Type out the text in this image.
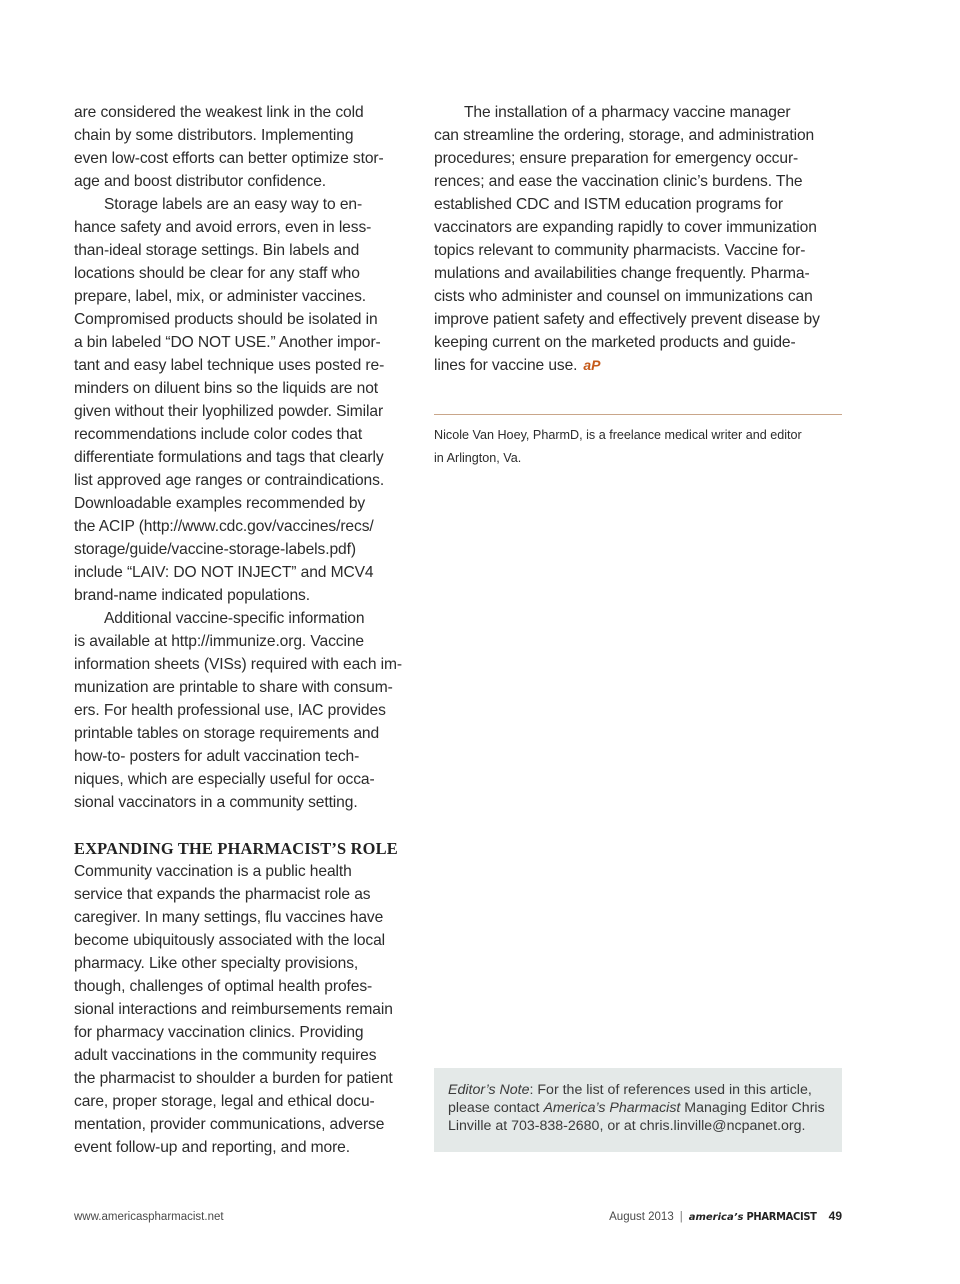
are considered the weakest link in the cold
chain by some distributors. Implementing
even low-cost efforts can better optimize stor-
age and boost distributor confidence.
Storage labels are an easy way to en-
hance safety and avoid errors, even in less-
than-ideal storage settings. Bin labels and
locations should be clear for any staff who
prepare, label, mix, or administer vaccines.
Compromised products should be isolated in
a bin labeled “DO NOT USE.” Another impor-
tant and easy label technique uses posted re-
minders on diluent bins so the liquids are not
given without their lyophilized powder. Similar
recommendations include color codes that
differentiate formulations and tags that clearly
list approved age ranges or contraindications.
Downloadable examples recommended by
the ACIP (http://www.cdc.gov/vaccines/recs/
storage/guide/vaccine-storage-labels.pdf)
include “LAIV: DO NOT INJECT” and MCV4
brand-name indicated populations.
Additional vaccine-specific information
is available at http://immunize.org. Vaccine
information sheets (VISs) required with each im-
munization are printable to share with consum-
ers. For health professional use, IAC provides
printable tables on storage requirements and
how-to- posters for adult vaccination tech-
niques, which are especially useful for occa-
sional vaccinators in a community setting.
EXPANDING THE PHARMACIST’S ROLE
Community vaccination is a public health
service that expands the pharmacist role as
caregiver. In many settings, flu vaccines have
become ubiquitously associated with the local
pharmacy. Like other specialty provisions,
though, challenges of optimal health profes-
sional interactions and reimbursements remain
for pharmacy vaccination clinics. Providing
adult vaccinations in the community requires
the pharmacist to shoulder a burden for patient
care, proper storage, legal and ethical docu-
mentation, provider communications, adverse
event follow-up and reporting, and more.
The installation of a pharmacy vaccine manager
can streamline the ordering, storage, and administration
procedures; ensure preparation for emergency occur-
rences; and ease the vaccination clinic’s burdens. The
established CDC and ISTM education programs for
vaccinators are expanding rapidly to cover immunization
topics relevant to community pharmacists. Vaccine for-
mulations and availabilities change frequently. Pharma-
cists who administer and counsel on immunizations can
improve patient safety and effectively prevent disease by
keeping current on the marketed products and guide-
lines for vaccine use. aP
Nicole Van Hoey, PharmD, is a freelance medical writer and editor
in Arlington, Va.
Editor’s Note: For the list of references used in this article,
please contact America’s Pharmacist Managing Editor Chris
Linville at 703-838-2680, or at chris.linville@ncpanet.org.
www.americaspharmacist.net	August 2013 | america’s PHARMACIST 49
